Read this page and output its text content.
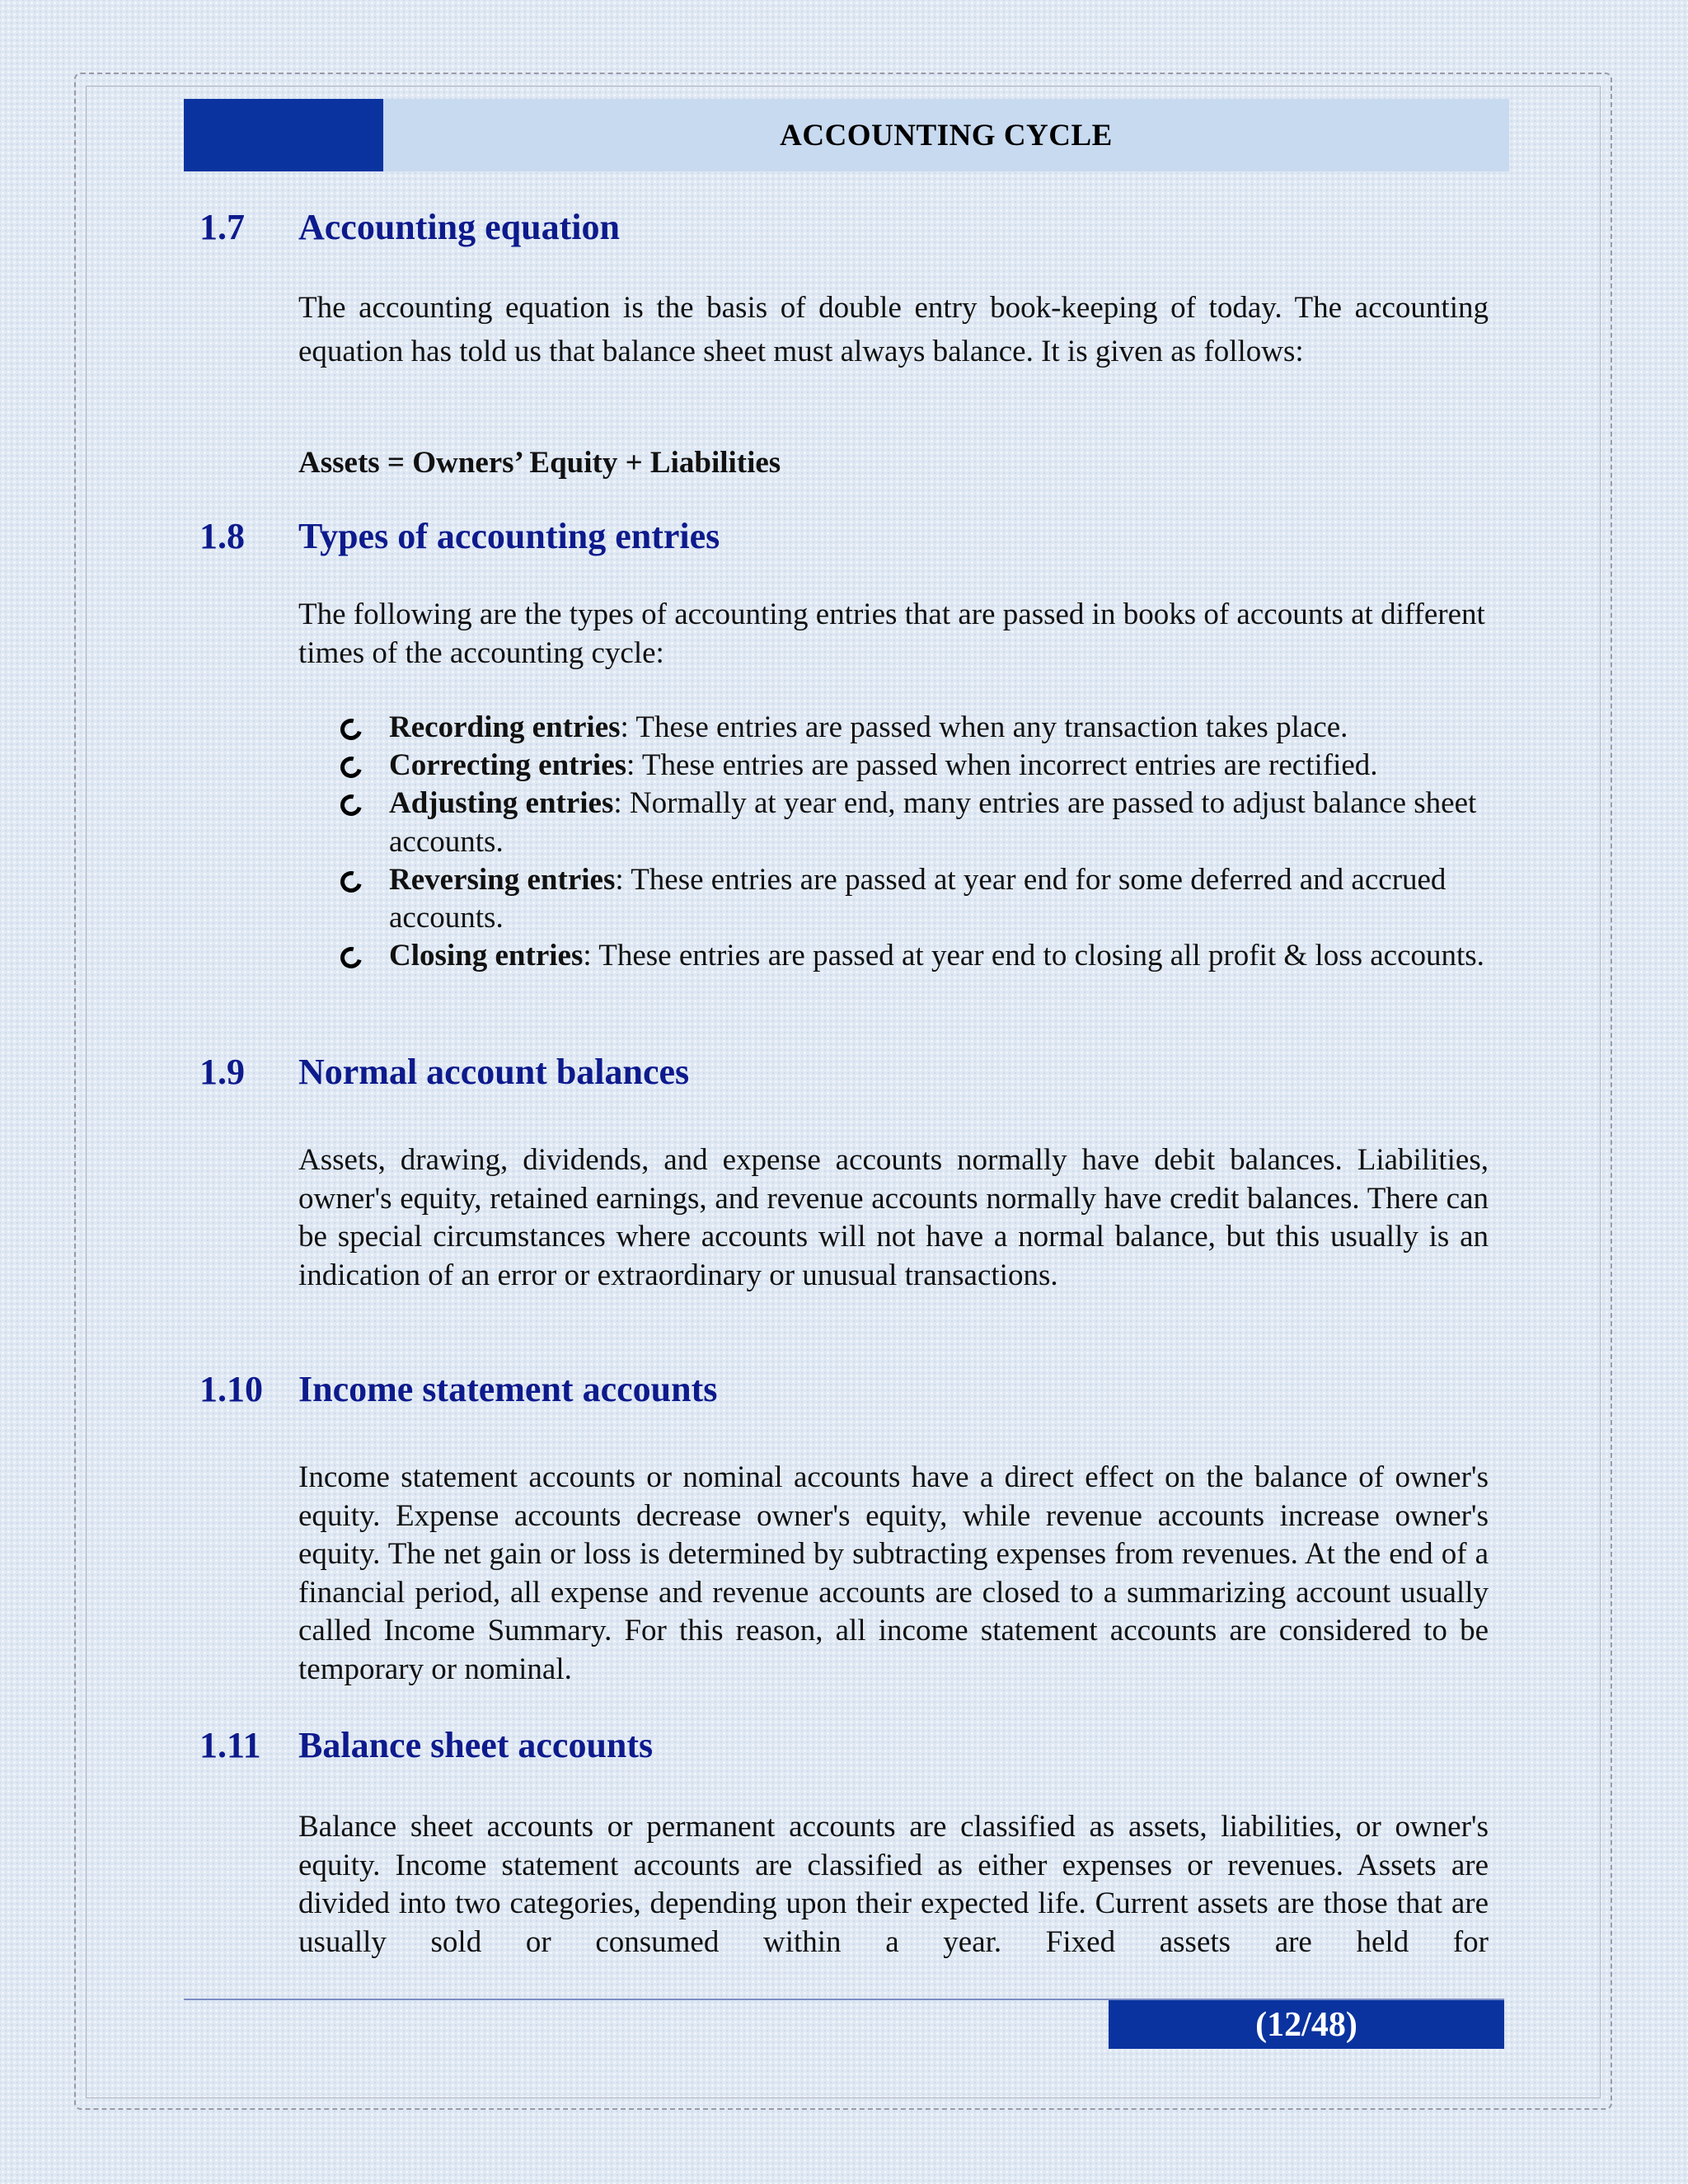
ACCOUNTING CYCLE
1.7 Accounting equation

The accounting equation is the basis of double entry book-keeping of today. The accounting equation has told us that balance sheet must always balance. It is given as follows:

Assets = Owners’ Equity + Liabilities
1.8 Types of accounting entries

The following are the types of accounting entries that are passed in books of accounts at different times of the accounting cycle:

Recording entries: These entries are passed when any transaction takes place.
Correcting entries: These entries are passed when incorrect entries are rectified.
Adjusting entries: Normally at year end, many entries are passed to adjust balance sheet accounts.
Reversing entries: These entries are passed at year end for some deferred and accrued accounts.
Closing entries: These entries are passed at year end to closing all profit & loss accounts.
1.9 Normal account balances

Assets, drawing, dividends, and expense accounts normally have debit balances. Liabilities, owner's equity, retained earnings, and revenue accounts normally have credit balances. There can be special circumstances where accounts will not have a normal balance, but this usually is an indication of an error or extraordinary or unusual transactions.

1.10 Income statement accounts

Income statement accounts or nominal accounts have a direct effect on the balance of owner's equity. Expense accounts decrease owner's equity, while revenue accounts increase owner's equity. The net gain or loss is determined by subtracting expenses from revenues. At the end of a financial period, all expense and revenue accounts are closed to a summarizing account usually called Income Summary. For this reason, all income statement accounts are considered to be temporary or nominal.

1.11 Balance sheet accounts

Balance sheet accounts or permanent accounts are classified as assets, liabilities, or owner's equity. Income statement accounts are classified as either expenses or revenues. Assets are divided into two categories, depending upon their expected life. Current assets are those that are usually sold or consumed within a year. Fixed assets are held for

(12/48)
